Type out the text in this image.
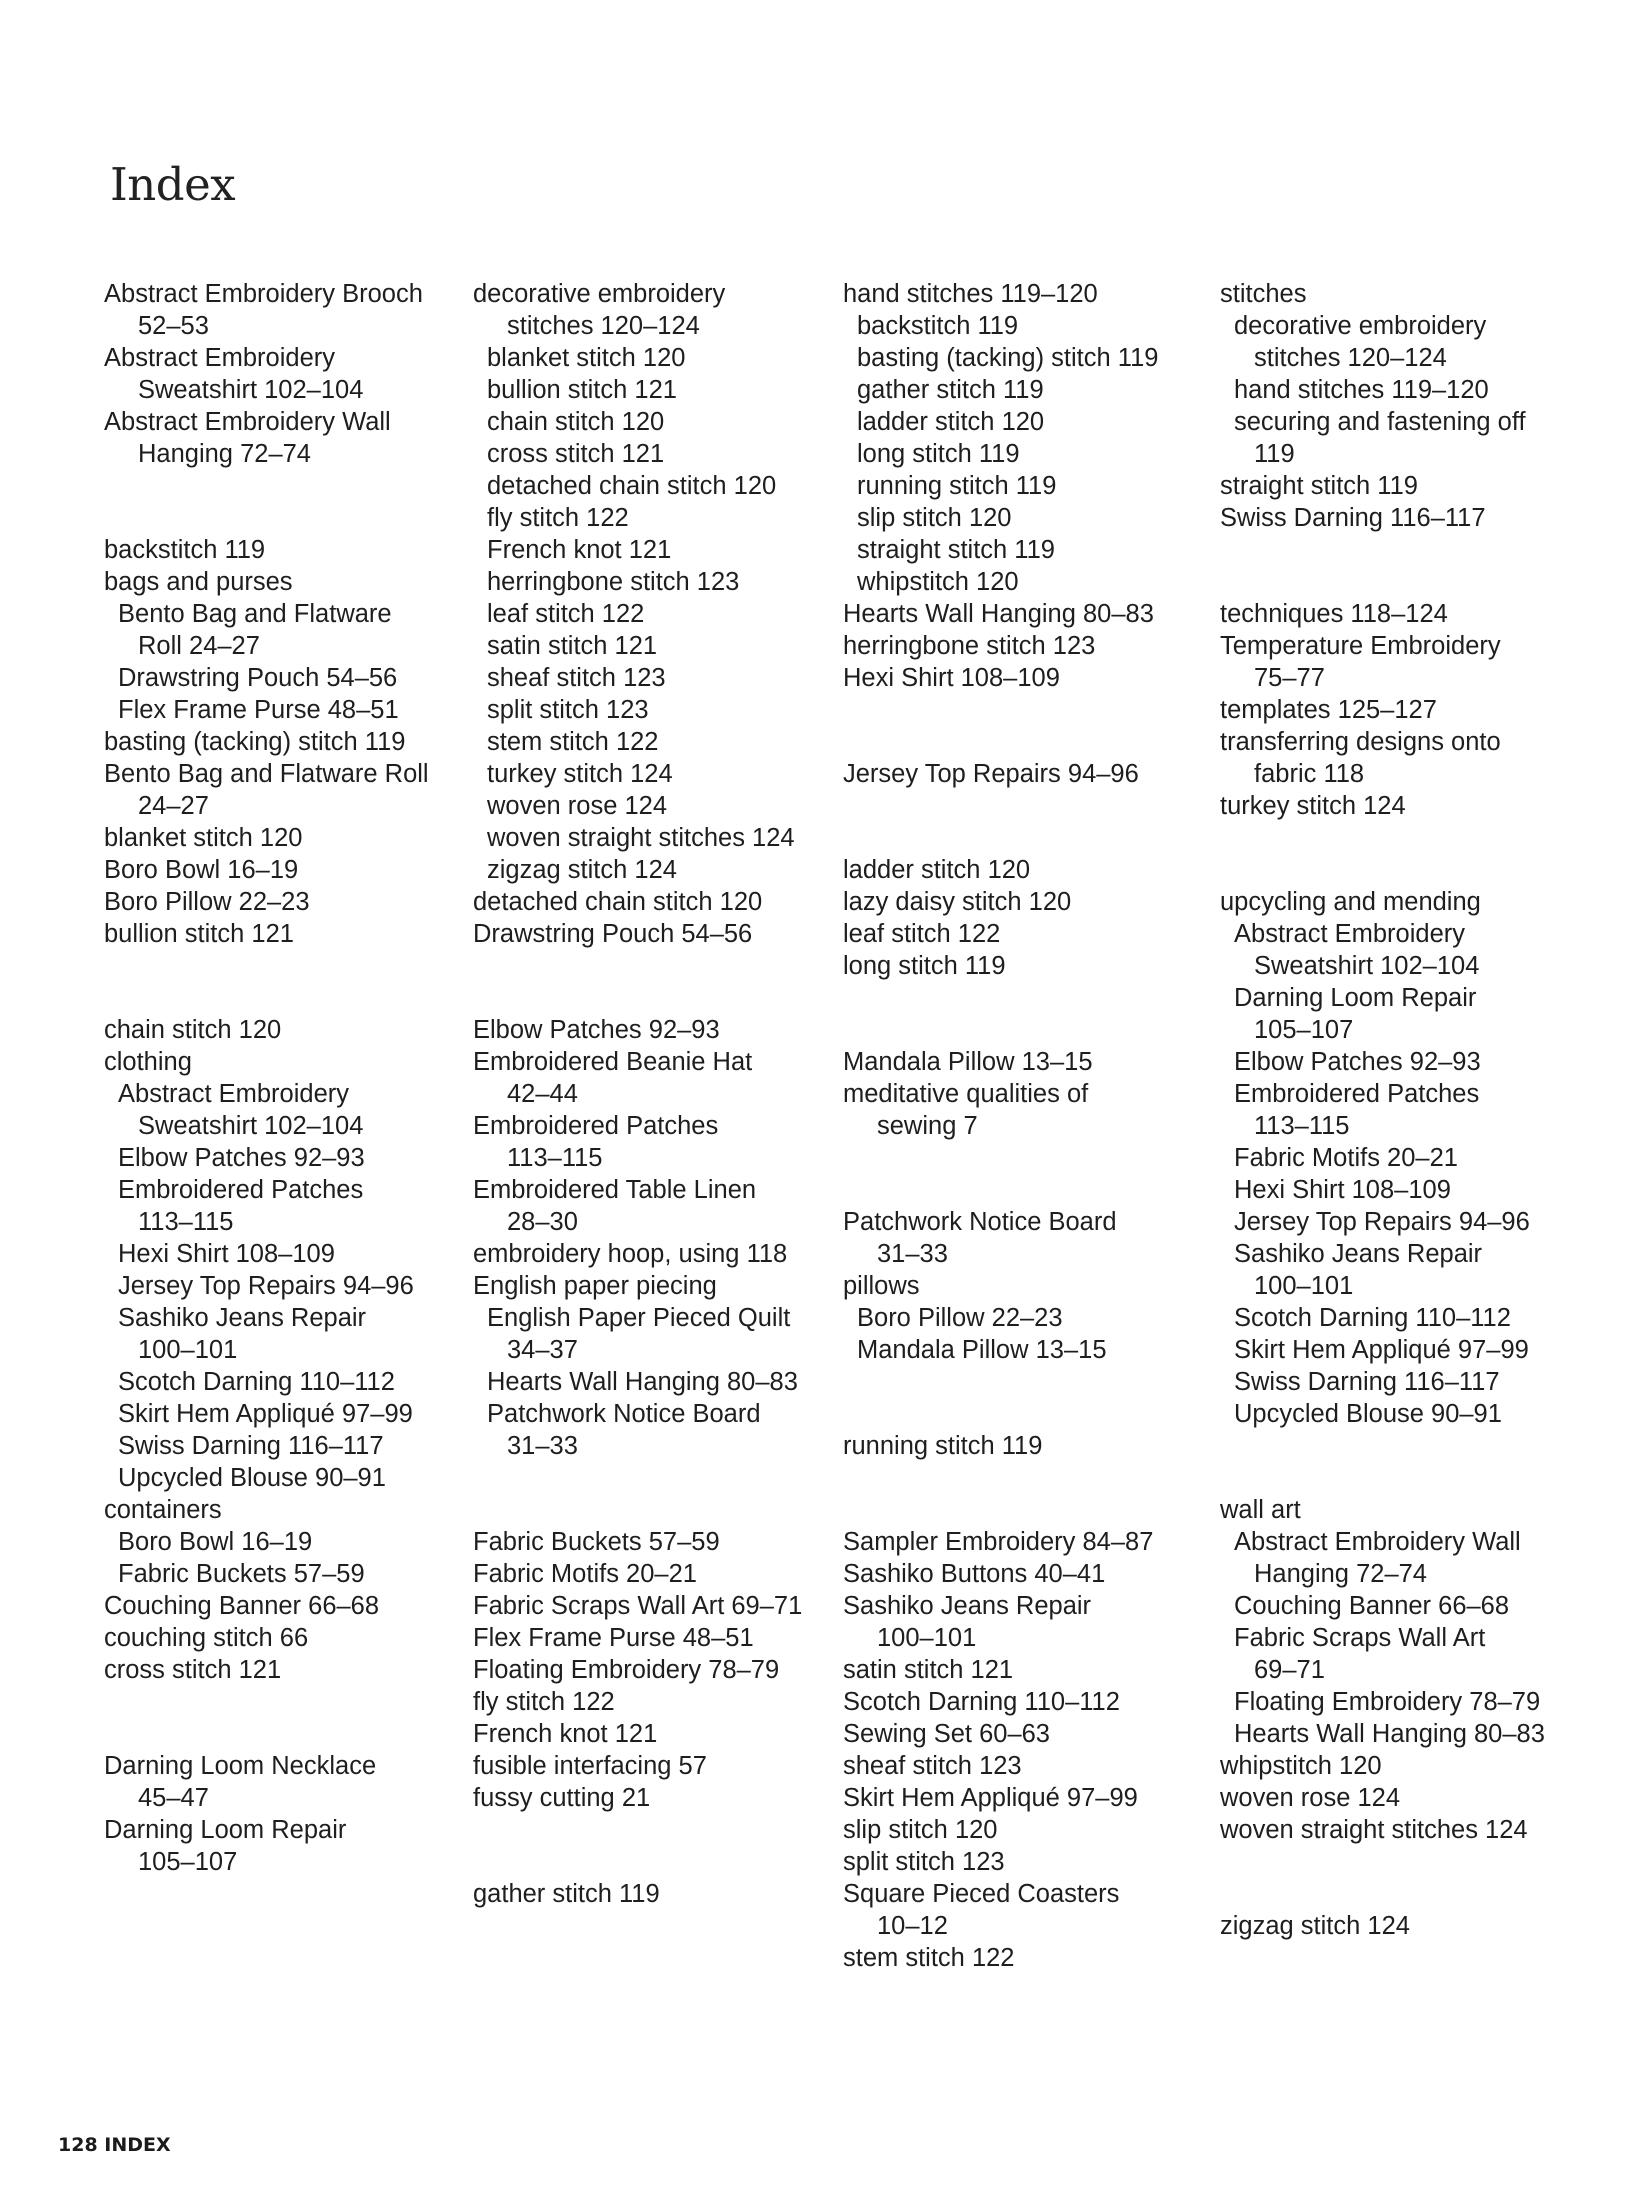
Index
Abstract Embroidery Brooch
52–53
Abstract Embroidery
Sweatshirt 102–104
Abstract Embroidery Wall
Hanging 72–74
backstitch 119
bags and purses
Bento Bag and Flatware
Roll 24–27
Drawstring Pouch 54–56
Flex Frame Purse 48–51
basting (tacking) stitch 119
Bento Bag and Flatware Roll
24–27
blanket stitch 120
Boro Bowl 16–19
Boro Pillow 22–23
bullion stitch 121
chain stitch 120
clothing
Abstract Embroidery
Sweatshirt 102–104
Elbow Patches 92–93
Embroidered Patches
113–115
Hexi Shirt 108–109
Jersey Top Repairs 94–96
Sashiko Jeans Repair
100–101
Scotch Darning 110–112
Skirt Hem Appliqué 97–99
Swiss Darning 116–117
Upcycled Blouse 90–91
containers
Boro Bowl 16–19
Fabric Buckets 57–59
Couching Banner 66–68
couching stitch 66
cross stitch 121
Darning Loom Necklace
45–47
Darning Loom Repair
105–107
decorative embroidery
stitches 120–124
blanket stitch 120
bullion stitch 121
chain stitch 120
cross stitch 121
detached chain stitch 120
fly stitch 122
French knot 121
herringbone stitch 123
leaf stitch 122
satin stitch 121
sheaf stitch 123
split stitch 123
stem stitch 122
turkey stitch 124
woven rose 124
woven straight stitches 124
zigzag stitch 124
detached chain stitch 120
Drawstring Pouch 54–56
Elbow Patches 92–93
Embroidered Beanie Hat
42–44
Embroidered Patches
113–115
Embroidered Table Linen
28–30
embroidery hoop, using 118
English paper piecing
English Paper Pieced Quilt
34–37
Hearts Wall Hanging 80–83
Patchwork Notice Board
31–33
Fabric Buckets 57–59
Fabric Motifs 20–21
Fabric Scraps Wall Art 69–71
Flex Frame Purse 48–51
Floating Embroidery 78–79
fly stitch 122
French knot 121
fusible interfacing 57
fussy cutting 21
gather stitch 119
hand stitches 119–120
backstitch 119
basting (tacking) stitch 119
gather stitch 119
ladder stitch 120
long stitch 119
running stitch 119
slip stitch 120
straight stitch 119
whipstitch 120
Hearts Wall Hanging 80–83
herringbone stitch 123
Hexi Shirt 108–109
Jersey Top Repairs 94–96
ladder stitch 120
lazy daisy stitch 120
leaf stitch 122
long stitch 119
Mandala Pillow 13–15
meditative qualities of
sewing 7
Patchwork Notice Board
31–33
pillows
Boro Pillow 22–23
Mandala Pillow 13–15
running stitch 119
Sampler Embroidery 84–87
Sashiko Buttons 40–41
Sashiko Jeans Repair
100–101
satin stitch 121
Scotch Darning 110–112
Sewing Set 60–63
sheaf stitch 123
Skirt Hem Appliqué 97–99
slip stitch 120
split stitch 123
Square Pieced Coasters
10–12
stem stitch 122
stitches
decorative embroidery
stitches 120–124
hand stitches 119–120
securing and fastening off
119
straight stitch 119
Swiss Darning 116–117
techniques 118–124
Temperature Embroidery
75–77
templates 125–127
transferring designs onto
fabric 118
turkey stitch 124
upcycling and mending
Abstract Embroidery
Sweatshirt 102–104
Darning Loom Repair
105–107
Elbow Patches 92–93
Embroidered Patches
113–115
Fabric Motifs 20–21
Hexi Shirt 108–109
Jersey Top Repairs 94–96
Sashiko Jeans Repair
100–101
Scotch Darning 110–112
Skirt Hem Appliqué 97–99
Swiss Darning 116–117
Upcycled Blouse 90–91
wall art
Abstract Embroidery Wall
Hanging 72–74
Couching Banner 66–68
Fabric Scraps Wall Art
69–71
Floating Embroidery 78–79
Hearts Wall Hanging 80–83
whipstitch 120
woven rose 124
woven straight stitches 124
zigzag stitch 124
128 INDEX
